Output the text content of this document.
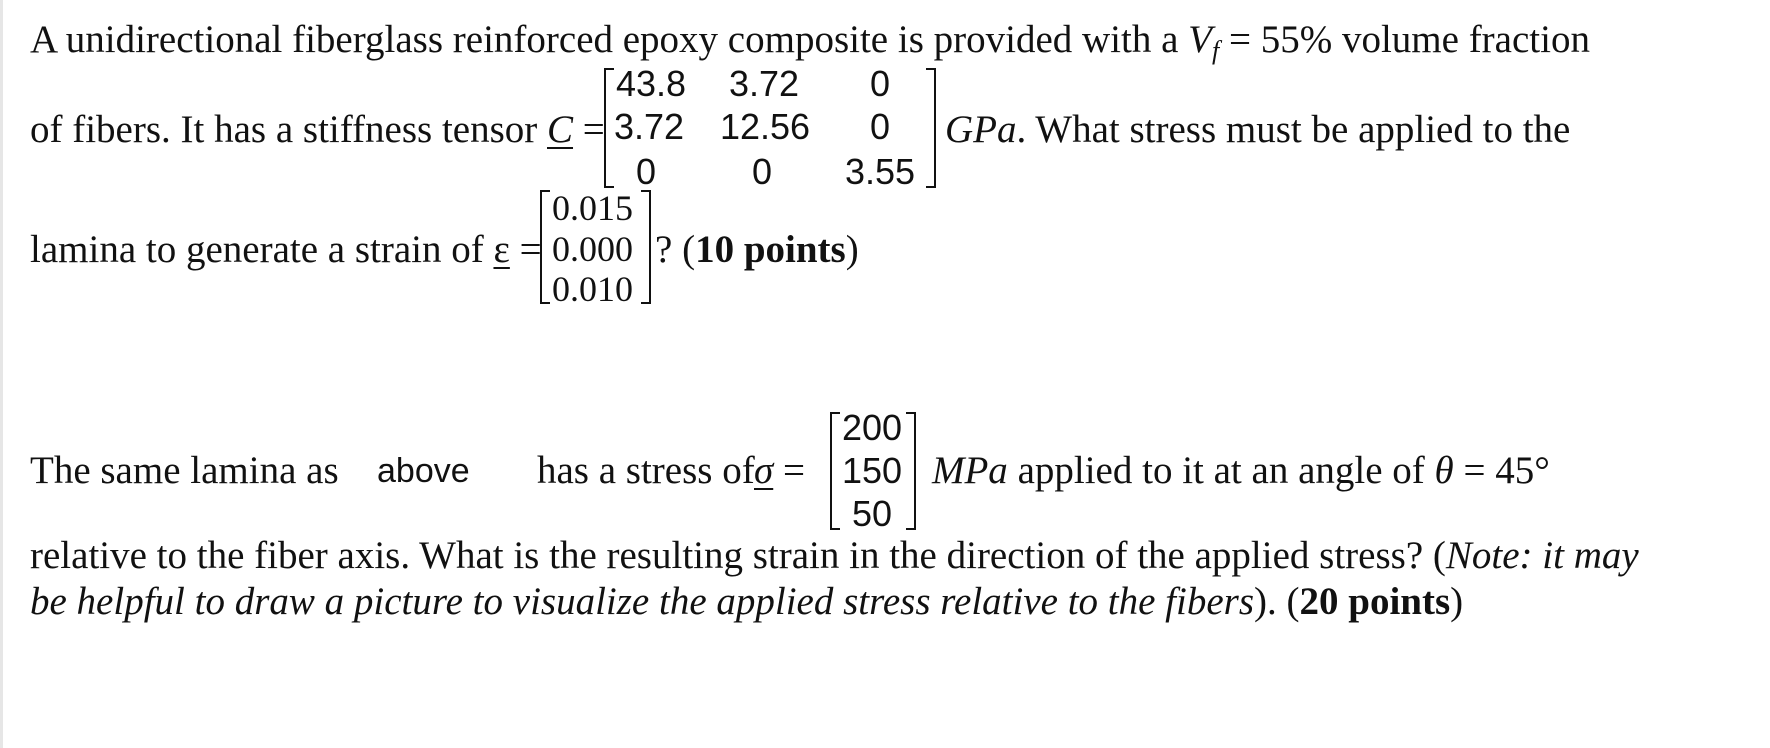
A unidirectional fiberglass reinforced epoxy composite is provided with a Vf = 55% volume fraction
of fibers. It has a stiffness tensor C =
43.8 3.72 0
3.72 12.56 0
0	0 3.55
GPa. What stress must be applied to the
lamina to generate a strain of ε =
0.015
0.000
0.010
? (10 points)
The same lamina as above has a stress of σ =
200
150
50
MPa applied to it at an angle of θ = 45°
relative to the fiber axis. What is the resulting strain in the direction of the applied stress? (Note: it may
be helpful to draw a picture to visualize the applied stress relative to the fibers). (20 points)
